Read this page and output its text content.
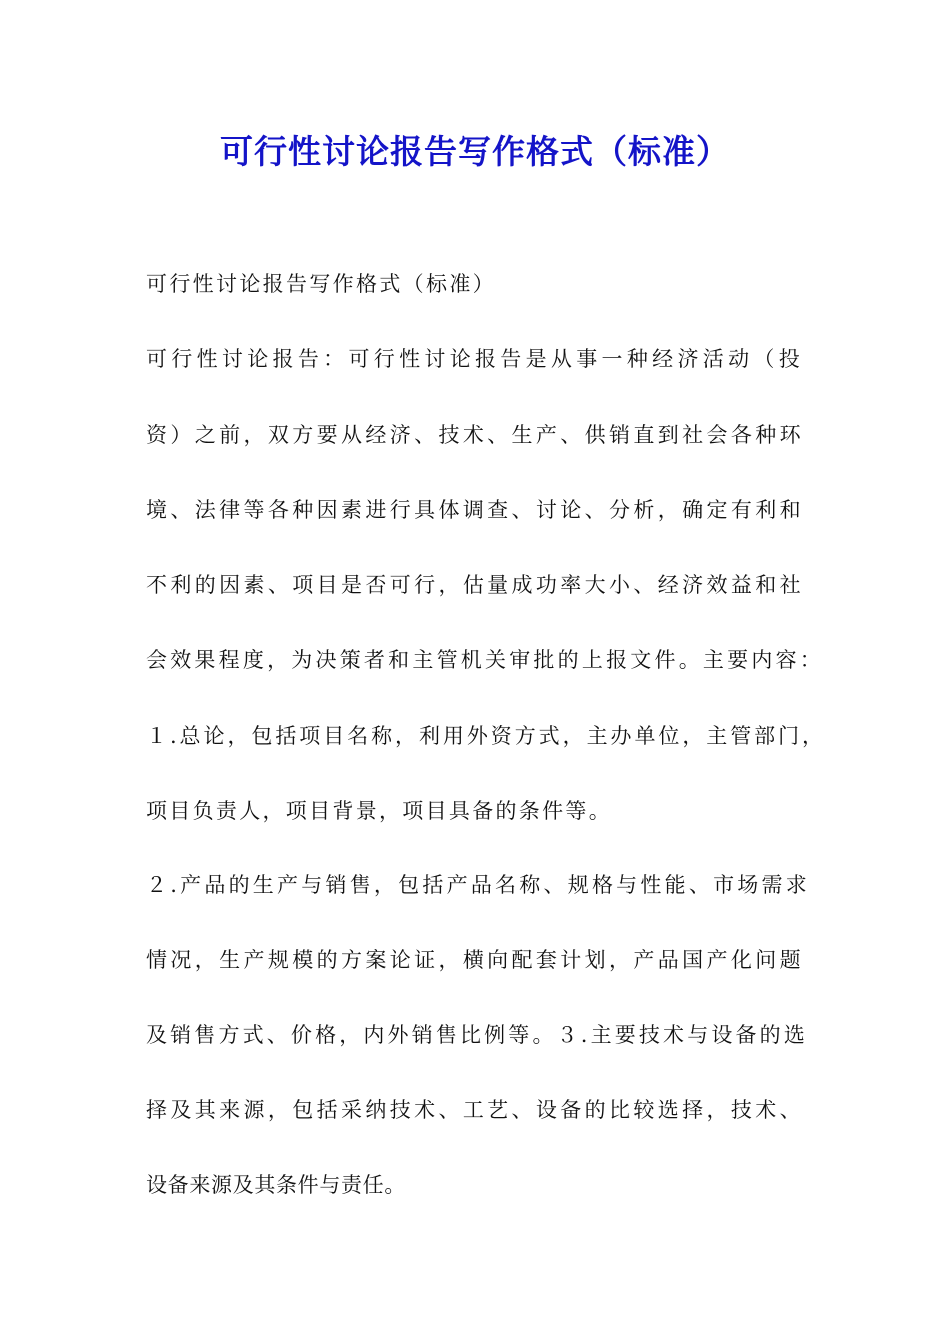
可行性讨论报告写作格式（标准）
可行性讨论报告写作格式（标准）
可行性讨论报告：可行性讨论报告是从事一种经济活动（投
资）之前，双方要从经济、技术、生产、供销直到社会各种环
境、法律等各种因素进行具体调查、讨论、分析，确定有利和
不利的因素、项目是否可行，估量成功率大小、经济效益和社
会效果程度，为决策者和主管机关审批的上报文件。主要内容：
１.总论，包括项目名称，利用外资方式，主办单位，主管部门，
项目负责人，项目背景，项目具备的条件等。
２.产品的生产与销售，包括产品名称、规格与性能、市场需求
情况，生产规模的方案论证，横向配套计划，产品国产化问题
及销售方式、价格，内外销售比例等。３.主要技术与设备的选
择及其来源，包括采纳技术、工艺、设备的比较选择，技术、
设备来源及其条件与责任。
